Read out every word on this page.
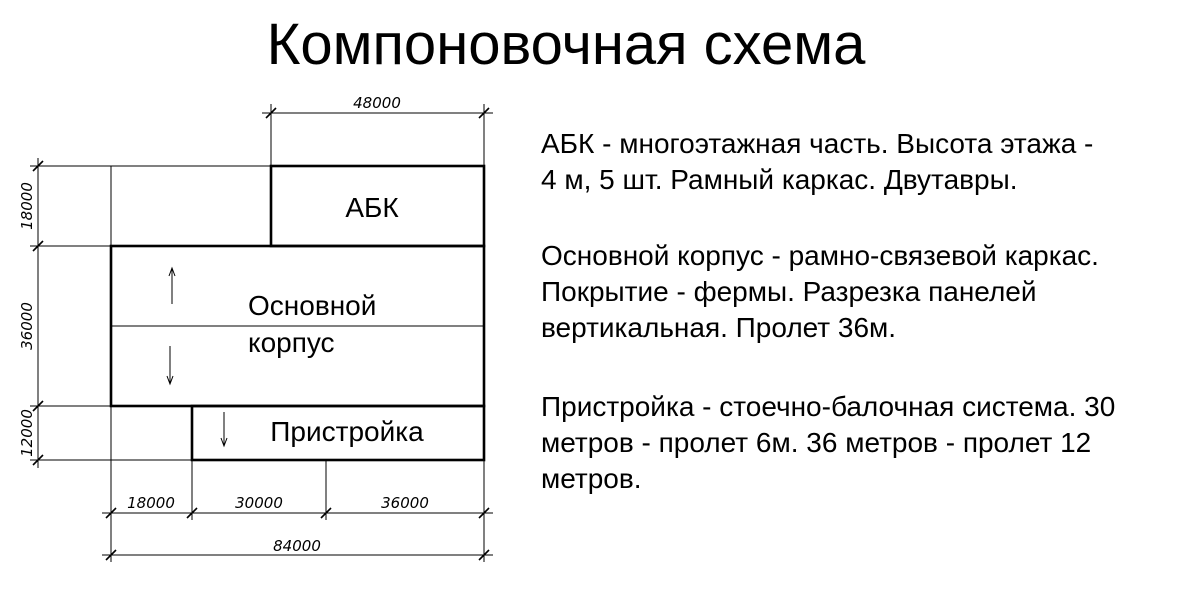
Компоновочная схема
АБК
Основной
корпус
Пристройка
48000
18000
36000
12000
18000	30000	36000
84000
АБК - многоэтажная часть. Высота этажа -
4 м, 5 шт. Рамный каркас. Двутавры.
Основной корпус - рамно-связевой каркас.
Покрытие - фермы. Разрезка панелей
вертикальная. Пролет 36м.
Пристройка - стоечно-балочная система. 30
метров - пролет 6м. 36 метров - пролет 12
метров.
